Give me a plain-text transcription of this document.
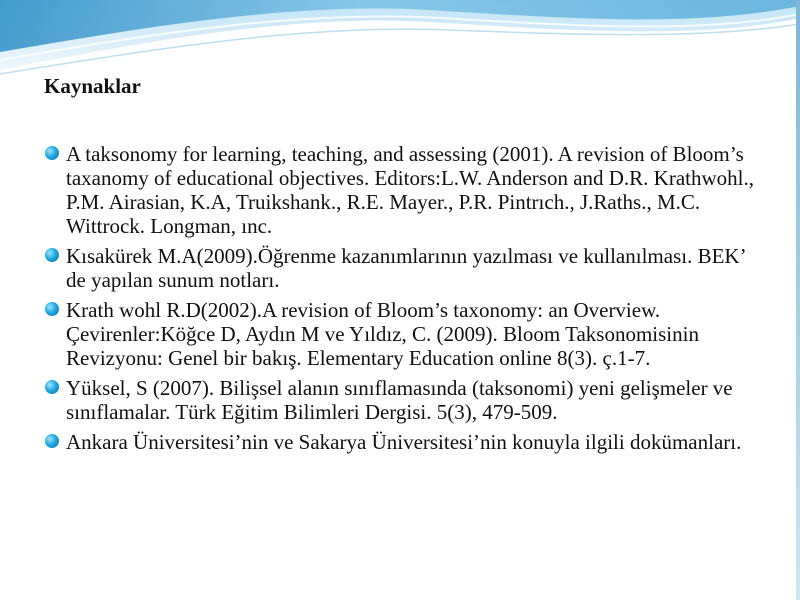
Kaynaklar
A taksonomy for learning, teaching, and assessing (2001). A revision of Bloom’s taxanomy of educational objectives. Editors:L.W. Anderson and D.R. Krathwohl., P.M. Airasian, K.A, Truikshank., R.E. Mayer., P.R. Pintrıch., J.Raths., M.C. Wittrock. Longman, ınc.
Kısakürek M.A(2009).Öğrenme kazanımlarının yazılması ve kullanılması. BEK’ de yapılan sunum notları.
Krath wohl R.D(2002).A revision of Bloom’s taxonomy: an Overview. Çevirenler:Köğce D, Aydın M ve Yıldız, C. (2009). Bloom Taksonomisinin Revizyonu: Genel bir bakış. Elementary Education online 8(3). ç.1-7.
Yüksel, S (2007). Bilişsel alanın sınıflamasında (taksonomi) yeni gelişmeler ve sınıflamalar. Türk Eğitim Bilimleri Dergisi. 5(3), 479-509.
Ankara Üniversitesi’nin ve Sakarya Üniversitesi’nin konuyla ilgili dokümanları.
